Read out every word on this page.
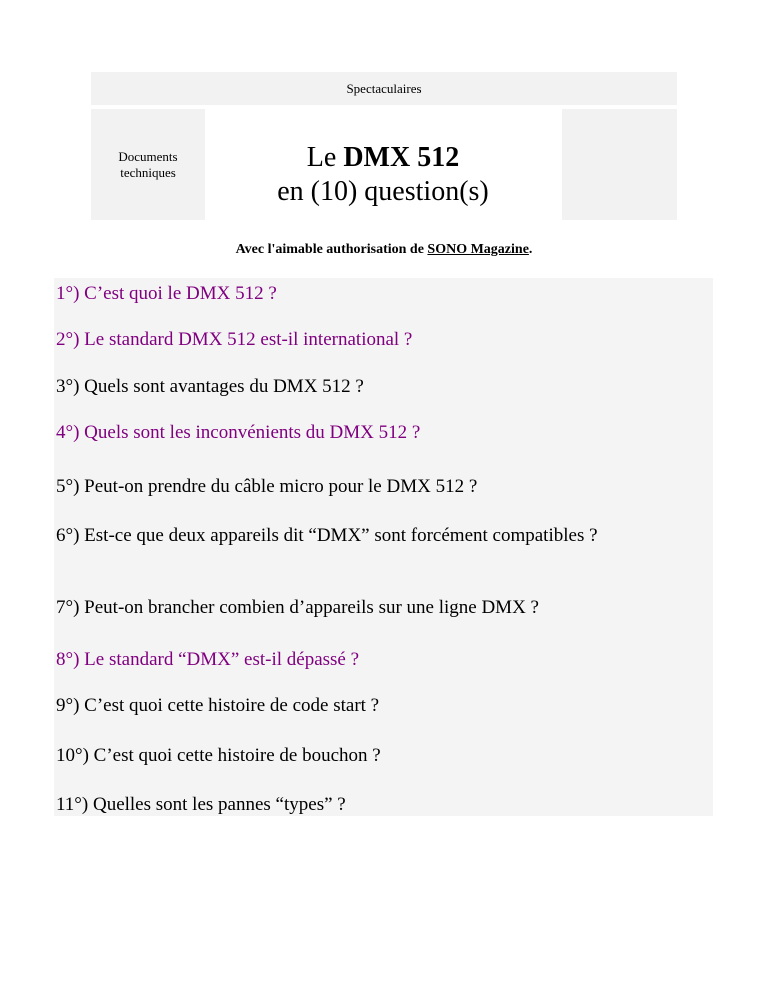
Spectaculaires
Documents
techniques	Le DMX 512
en (10) question(s)
Avec l'aimable authorisation de SONO Magazine.
1°) C’est quoi le DMX 512 ?
2°) Le standard DMX 512 est-il international ?
3°) Quels sont avantages du DMX 512 ?
4°) Quels sont les inconvénients du DMX 512 ?
5°) Peut-on prendre du câble micro pour le DMX 512 ?
6°) Est-ce que deux appareils dit “DMX” sont forcément compatibles ?
7°) Peut-on brancher combien d’appareils sur une ligne DMX ?
8°) Le standard “DMX” est-il dépassé ?
9°) C’est quoi cette histoire de code start ?
10°) C’est quoi cette histoire de bouchon ?
11°) Quelles sont les pannes “types” ?
